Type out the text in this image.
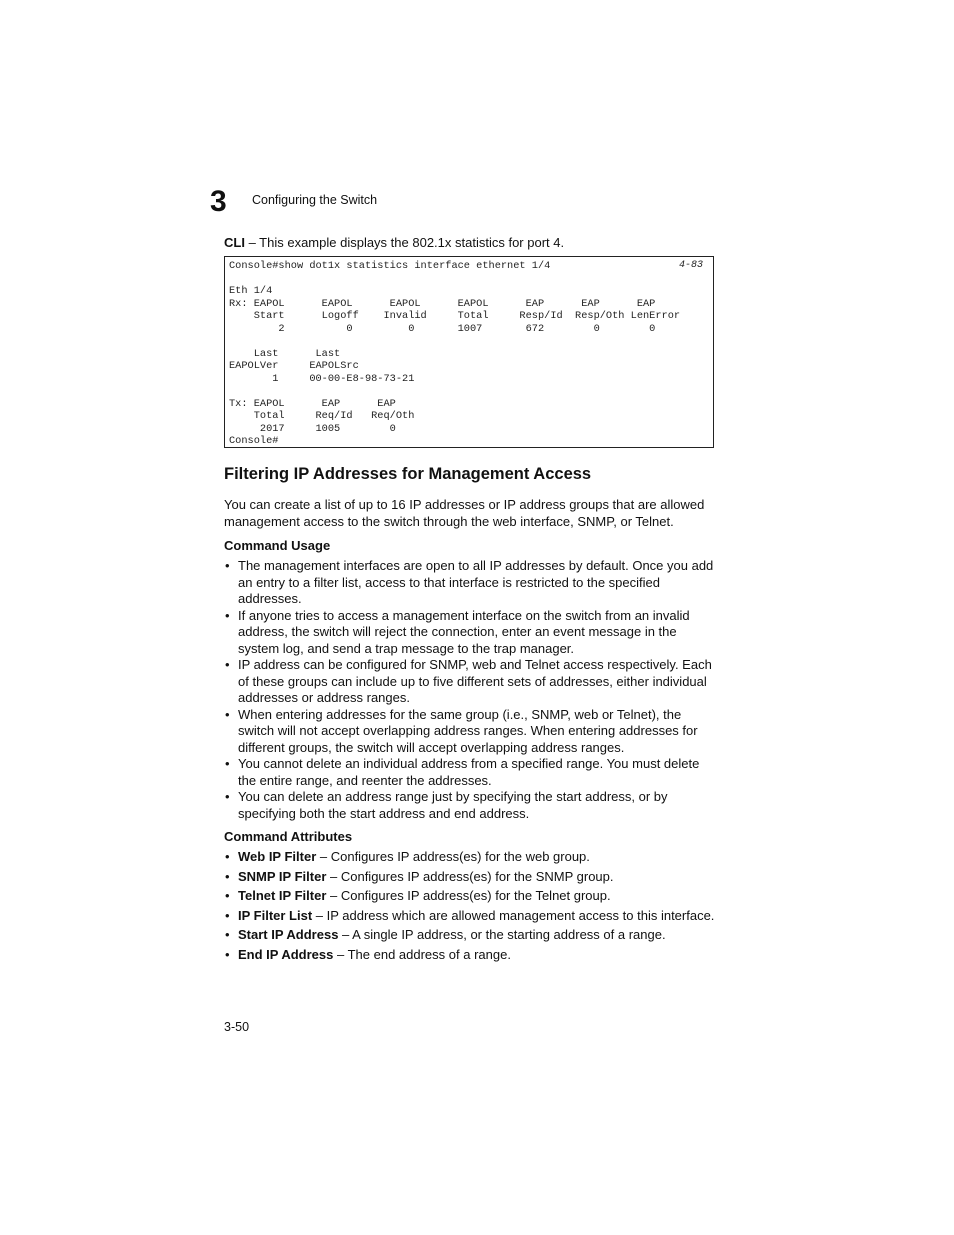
3 Configuring the Switch
CLI – This example displays the 802.1x statistics for port 4.
4-83
Console#show dot1x statistics interface ethernet 1/4

Eth 1/4
Rx: EAPOL      EAPOL      EAPOL      EAPOL      EAP      EAP      EAP
Start      Logoff    Invalid     Total     Resp/Id  Resp/Oth LenError
2          0         0       1007       672        0        0

Last      Last
EAPOLVer     EAPOLSrc
1     00-00-E8-98-73-21

Tx: EAPOL      EAP      EAP
Total     Req/Id   Req/Oth
2017     1005        0
Console#
Filtering IP Addresses for Management Access

You can create a list of up to 16 IP addresses or IP address groups that are allowed management access to the switch through the web interface, SNMP, or Telnet.

Command Usage

• The management interfaces are open to all IP addresses by default. Once you add an entry to a filter list, access to that interface is restricted to the specified addresses.
• If anyone tries to access a management interface on the switch from an invalid address, the switch will reject the connection, enter an event message in the system log, and send a trap message to the trap manager.
• IP address can be configured for SNMP, web and Telnet access respectively. Each of these groups can include up to five different sets of addresses, either individual addresses or address ranges.
• When entering addresses for the same group (i.e., SNMP, web or Telnet), the switch will not accept overlapping address ranges. When entering addresses for different groups, the switch will accept overlapping address ranges.
• You cannot delete an individual address from a specified range. You must delete the entire range, and reenter the addresses.
• You can delete an address range just by specifying the start address, or by specifying both the start address and end address.

Command Attributes

• Web IP Filter – Configures IP address(es) for the web group.
• SNMP IP Filter – Configures IP address(es) for the SNMP group.
• Telnet IP Filter – Configures IP address(es) for the Telnet group.
• IP Filter List – IP address which are allowed management access to this interface.
• Start IP Address – A single IP address, or the starting address of a range.
• End IP Address – The end address of a range.
3-50
